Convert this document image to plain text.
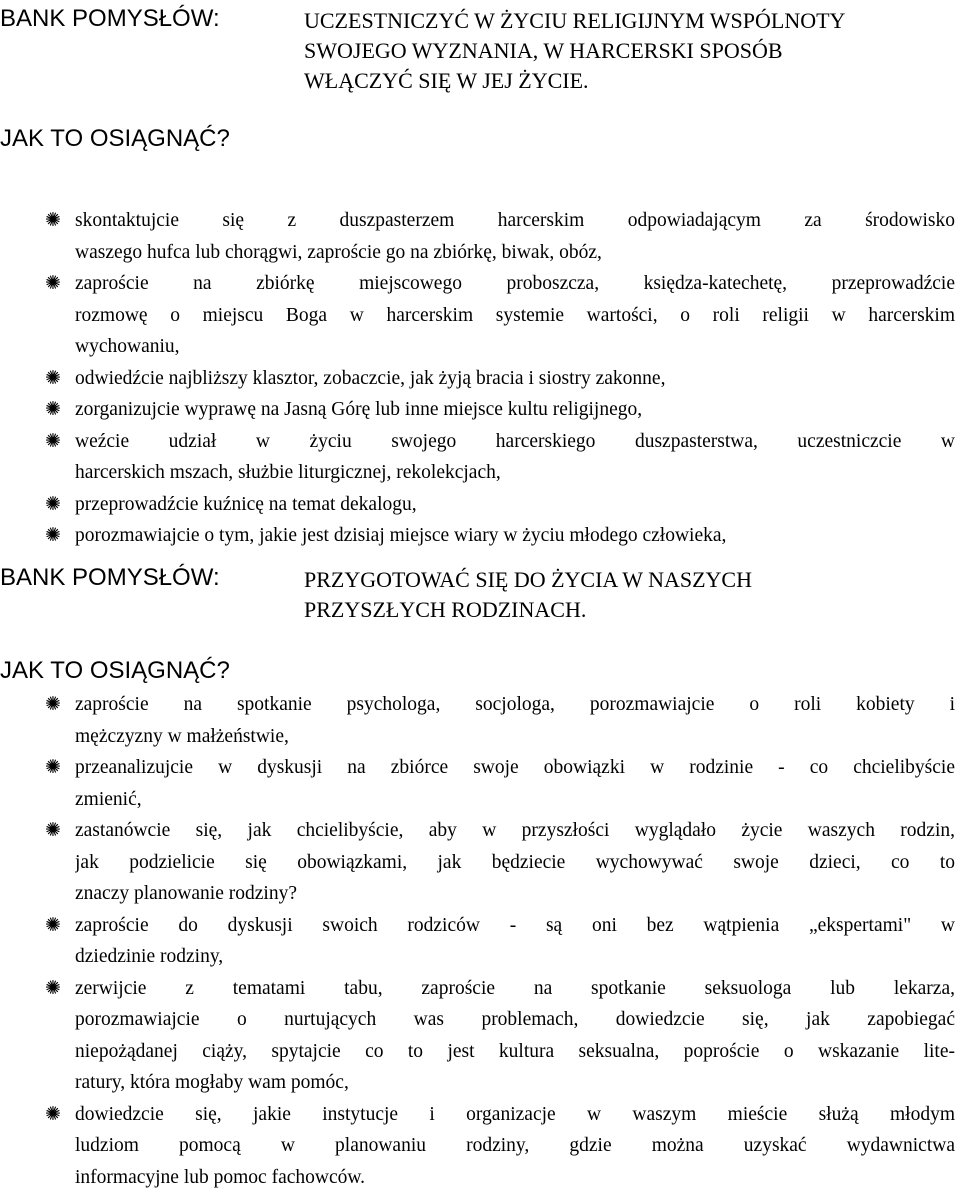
BANK POMYSŁÓW:	UCZESTNICZYĆ W ŻYCIU RELIGIJNYM WSPÓLNOTY
SWOJEGO WYZNANIA, W HARCERSKI SPOSÓB
WŁĄCZYĆ SIĘ W JEJ ŻYCIE.
JAK TO OSIĄGNĄĆ?
✺ skontaktujcie się z duszpasterzem harcerskim odpowiadającym za środowisko
waszego hufca lub chorągwi, zaproście go na zbiórkę, biwak, obóz,
✺ zaproście na zbiórkę miejscowego proboszcza, księdza-katechetę, przeprowadźcie
rozmowę o miejscu Boga w harcerskim systemie wartości, o roli religii w harcerskim
wychowaniu,
✺ odwiedźcie najbliższy klasztor, zobaczcie, jak żyją bracia i siostry zakonne,
✺ zorganizujcie wyprawę na Jasną Górę lub inne miejsce kultu religijnego,
✺ weźcie udział w życiu swojego harcerskiego duszpasterstwa, uczestniczcie w
harcerskich mszach, służbie liturgicznej, rekolekcjach,
✺ przeprowadźcie kuźnicę na temat dekalogu,
✺ porozmawiajcie o tym, jakie jest dzisiaj miejsce wiary w życiu młodego człowieka,
BANK POMYSŁÓW:	PRZYGOTOWAĆ SIĘ DO ŻYCIA W NASZYCH
PRZYSZŁYCH RODZINACH.
JAK TO OSIĄGNĄĆ?
✺ zaproście na spotkanie psychologa, socjologa, porozmawiajcie o roli kobiety i
mężczyzny w małżeństwie,
✺ przeanalizujcie w dyskusji na zbiórce swoje obowiązki w rodzinie - co chcielibyście
zmienić,
✺ zastanówcie się, jak chcielibyście, aby w przyszłości wyglądało życie waszych rodzin,
jak podzielicie się obowiązkami, jak będziecie wychowywać swoje dzieci, co to
znaczy planowanie rodziny?
✺ zaproście do dyskusji swoich rodziców - są oni bez wątpienia „ekspertami" w
dziedzinie rodziny,
✺ zerwijcie z tematami tabu, zaproście na spotkanie seksuologa lub lekarza,
porozmawiajcie o nurtujących was problemach, dowiedzcie się, jak zapobiegać
niepożądanej ciąży, spytajcie co to jest kultura seksualna, poproście o wskazanie lite-
ratury, która mogłaby wam pomóc,
✺ dowiedzcie się, jakie instytucje i organizacje w waszym mieście służą młodym
ludziom pomocą w planowaniu rodziny, gdzie można uzyskać wydawnictwa
informacyjne lub pomoc fachowców.
